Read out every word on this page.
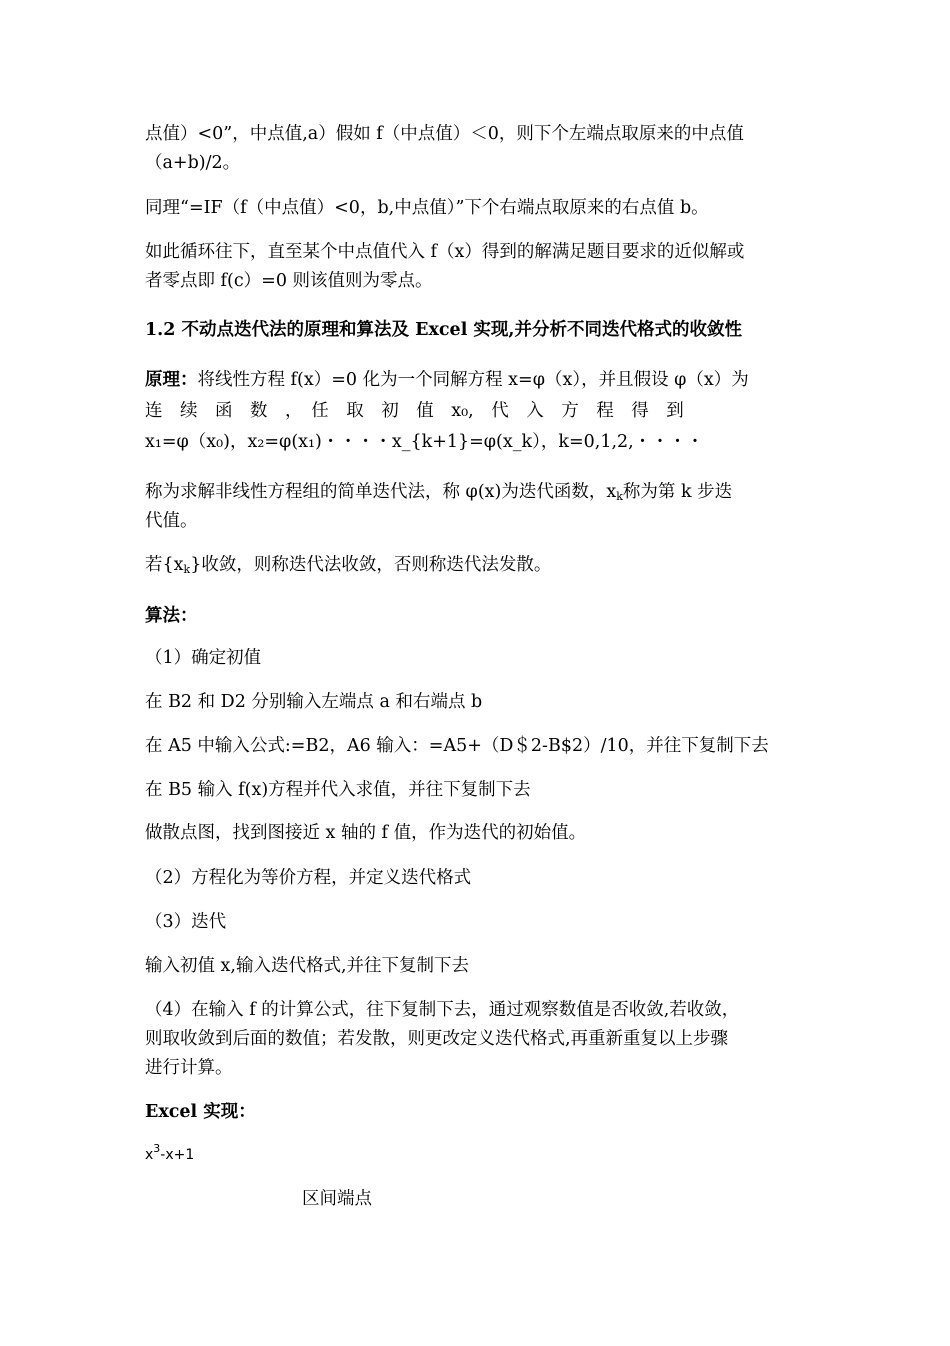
点值）<0”，中点值,a）假如 f（中点值）＜0，则下个左端点取原来的中点值
（a+b)/2。
同理“=IF（f（中点值）<0，b,中点值）”下个右端点取原来的右点值 b。
如此循环往下，直至某个中点值代入 f（x）得到的解满足题目要求的近似解或
者零点即 f(c）=0 则该值则为零点。
1.2 不动点迭代法的原理和算法及 Excel 实现,并分析不同迭代格式的收敛性
原理：将线性方程 f(x）=0 化为一个同解方程 x=φ（x），并且假设 φ（x）为
连　续　函　数　，　任　取　初　值　x₀,　代　入　方　程　得　到
x₁=φ（x₀)，x₂=φ(x₁)・・・・x_{k+1}=φ(x_k），k=0,1,2,・・・・
称为求解非线性方程组的简单迭代法，称 φ(x)为迭代函数，$x_k$称为第 k 步迭
代值。
若$\{x_k\}$收敛，则称迭代法收敛，否则称迭代法发散。
算法：
（1）确定初值
在 B2 和 D2 分别输入左端点 a 和右端点 b
在 A5 中输入公式:=B2，A6 输入：=A5+（D＄2-B$2）/10，并往下复制下去
在 B5 输入 f(x)方程并代入求值，并往下复制下去
做散点图，找到图接近 x 轴的 f 值，作为迭代的初始值。
（2）方程化为等价方程，并定义迭代格式
（3）迭代
输入初值 x,输入迭代格式,并往下复制下去
（4）在输入 f 的计算公式，往下复制下去，通过观察数值是否收敛,若收敛，
则取收敛到后面的数值；若发散，则更改定义迭代格式,再重新重复以上步骤
进行计算。
Excel 实现：
$x^3-x+1$
区间端点
